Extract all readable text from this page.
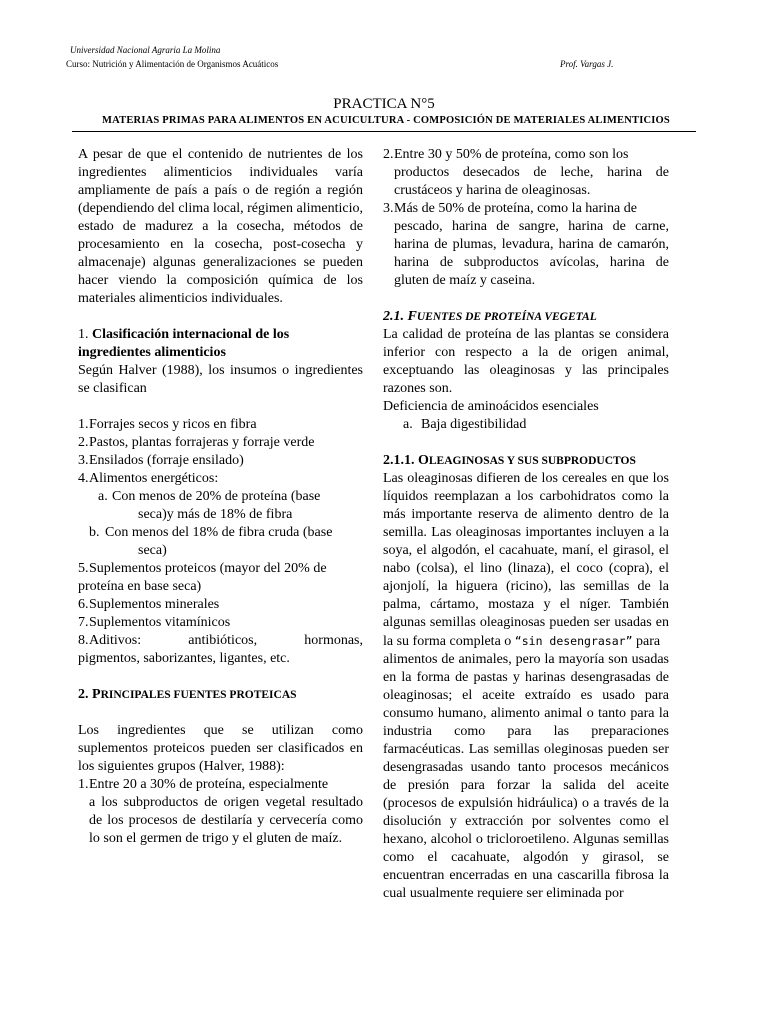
Universidad Nacional Agraria La Molina
Curso: Nutrición y Alimentación de Organismos Acuáticos	Prof. Vargas J.
PRACTICA N°5
MATERIAS PRIMAS PARA ALIMENTOS EN ACUICULTURA - COMPOSICIÓN DE MATERIALES ALIMENTICIOS

A pesar de que el contenido de nutrientes de los ingredientes alimenticios individuales varía ampliamente de país a país o de región a región (dependiendo del clima local, régimen alimenticio, estado de madurez a la cosecha, métodos de procesamiento en la cosecha, post-cosecha y almacenaje) algunas generalizaciones se pueden hacer viendo la composición química de los materiales alimenticios individuales.

1. Clasificación internacional de los ingredientes alimenticios

Según Halver (1988), los insumos o ingredientes se clasifican

1. Forrajes secos y ricos en fibra
2. Pastos, plantas forrajeras y forraje verde
3. Ensilados (forraje ensilado)
4. Alimentos energéticos:
a. Con menos de 20% de proteína (base
seca)y más de 18% de fibra
b. Con menos del 18% de fibra cruda (base
seca)
5. Suplementos proteicos (mayor del 20% de
proteína en base seca)
6. Suplementos minerales
7. Suplementos vitamínicos
8. Aditivos: antibióticos, hormonas,
pigmentos, saborizantes, ligantes, etc.

2. PRINCIPALES FUENTES PROTEICAS

Los ingredientes que se utilizan como suplementos proteicos pueden ser clasificados en los siguientes grupos (Halver, 1988):

1. Entre 20 a 30% de proteína, especialmente
a los subproductos de origen vegetal resultado de los procesos de destilaría y cervecería como lo son el germen de trigo y el gluten de maíz.
2. Entre 30 y 50% de proteína, como son los
productos desecados de leche, harina de crustáceos y harina de oleaginosas.
3. Más de 50% de proteína, como la harina de
pescado, harina de sangre, harina de carne, harina de plumas, levadura, harina de camarón, harina de subproductos avícolas, harina de gluten de maíz y caseina.

2.1. FUENTES DE PROTEÍNA VEGETAL

La calidad de proteína de las plantas se considera inferior con respecto a la de origen animal, exceptuando las oleaginosas y las principales razones son.

Deficiencia de aminoácidos esenciales

a. Baja digestibilidad

2.1.1. OLEAGINOSAS Y SUS SUBPRODUCTOS

Las oleaginosas difieren de los cereales en que los líquidos reemplazan a los carbohidratos como la más importante reserva de alimento dentro de la semilla. Las oleaginosas importantes incluyen a la soya, el algodón, el cacahuate, maní, el girasol, el nabo (colsa), el lino (linaza), el coco (copra), el ajonjolí, la higuera (ricino), las semillas de la palma, cártamo, mostaza y el níger. También algunas semillas oleaginosas pueden ser usadas en la su forma completa o “sin desengrasar” para

alimentos de animales, pero la mayoría son usadas en la forma de pastas y harinas desengrasadas de oleaginosas; el aceite extraído es usado para consumo humano, alimento animal o tanto para la industria como para las preparaciones farmacéuticas. Las semillas oleginosas pueden ser desengrasadas usando tanto procesos mecánicos de presión para forzar la salida del aceite (procesos de expulsión hidráulica) o a través de la disolución y extracción por solventes como el hexano, alcohol o tricloroetileno. Algunas semillas como el cacahuate, algodón y girasol, se encuentran encerradas en una cascarilla fibrosa la cual usualmente requiere ser eliminada por
